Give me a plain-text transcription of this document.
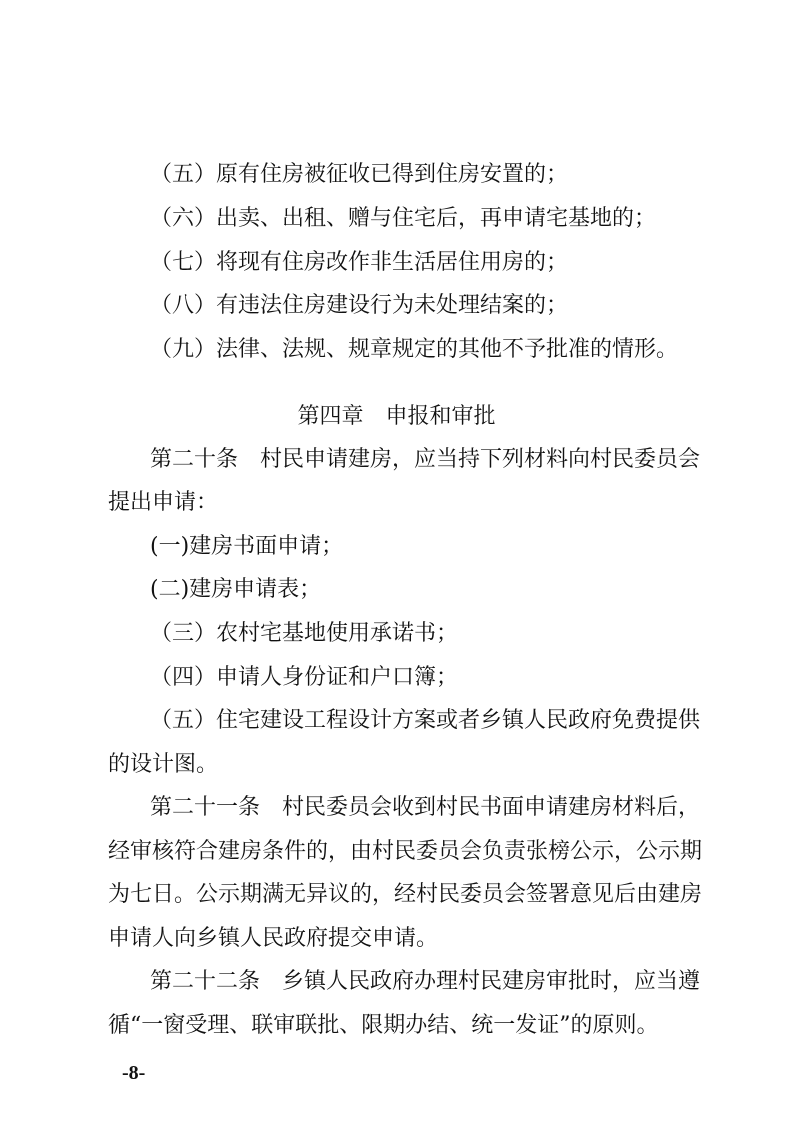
（五）原有住房被征收已得到住房安置的；
（六）出卖、出租、赠与住宅后，再申请宅基地的；
（七）将现有住房改作非生活居住用房的；
（八）有违法住房建设行为未处理结案的；
（九）法律、法规、规章规定的其他不予批准的情形。
第四章　申报和审批
第二十条　村民申请建房，应当持下列材料向村民委员会
提出申请：
(一)建房书面申请；
(二)建房申请表；
（三）农村宅基地使用承诺书；
（四）申请人身份证和户口簿；
（五）住宅建设工程设计方案或者乡镇人民政府免费提供
的设计图。
第二十一条　村民委员会收到村民书面申请建房材料后，
经审核符合建房条件的，由村民委员会负责张榜公示，公示期
为七日。公示期满无异议的，经村民委员会签署意见后由建房
申请人向乡镇人民政府提交申请。
第二十二条　乡镇人民政府办理村民建房审批时，应当遵
循“一窗受理、联审联批、限期办结、统一发证”的原则。
-8-
